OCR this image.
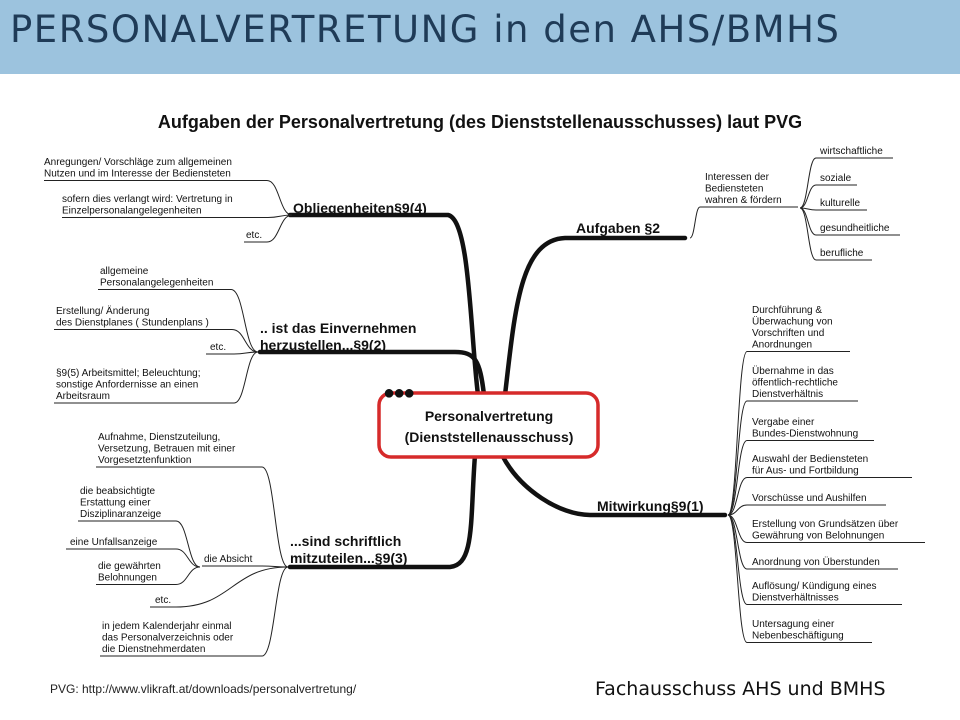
PERSONALVERTRETUNG in den AHS/BMHS
Aufgaben der Personalvertretung (des Dienststellenausschusses) laut PVG
Personalvertretung
(Dienststellenausschuss)
●●●
Obliegenheiten§9(4)
.. ist das Einvernehmen
herzustellen...§9(2)
...sind schriftlich
mitzuteilen...§9(3)
Aufgaben §2
Mitwirkung§9(1)
Anregungen/ Vorschläge zum allgemeinen
Nutzen und im Interesse der Bediensteten
sofern dies verlangt wird: Vertretung in
Einzelpersonalangelegenheiten
etc.
allgemeine
Personalangelegenheiten
Erstellung/ Änderung
des Dienstplanes ( Stundenplans )
etc.
§9(5) Arbeitsmittel; Beleuchtung;
sonstige Anfordernisse an einen
Arbeitsraum
Aufnahme, Dienstzuteilung,
Versetzung, Betrauen mit einer
Vorgesetztenfunktion
die Absicht
etc.
in jedem Kalenderjahr einmal
das Personalverzeichnis oder
die Dienstnehmerdaten
die beabsichtigte
Erstattung einer
Disziplinaranzeige
eine Unfallsanzeige
die gewährten
Belohnungen
Interessen der
Bediensteten
wahren & fördern
wirtschaftliche
soziale
kulturelle
gesundheitliche
berufliche
Durchführung &
Überwachung von
Vorschriften und
Anordnungen
Übernahme in das
öffentlich-rechtliche
Dienstverhältnis
Vergabe einer
Bundes-Dienstwohnung
Auswahl der Bediensteten
für Aus- und Fortbildung
Vorschüsse und Aushilfen
Erstellung von Grundsätzen über
Gewährung von Belohnungen
Anordnung von Überstunden
Auflösung/ Kündigung eines
Dienstverhältnisses
Untersagung einer
Nebenbeschäftigung
PVG: http://www.vlikraft.at/downloads/personalvertretung/	Fachausschuss AHS und BMHS
